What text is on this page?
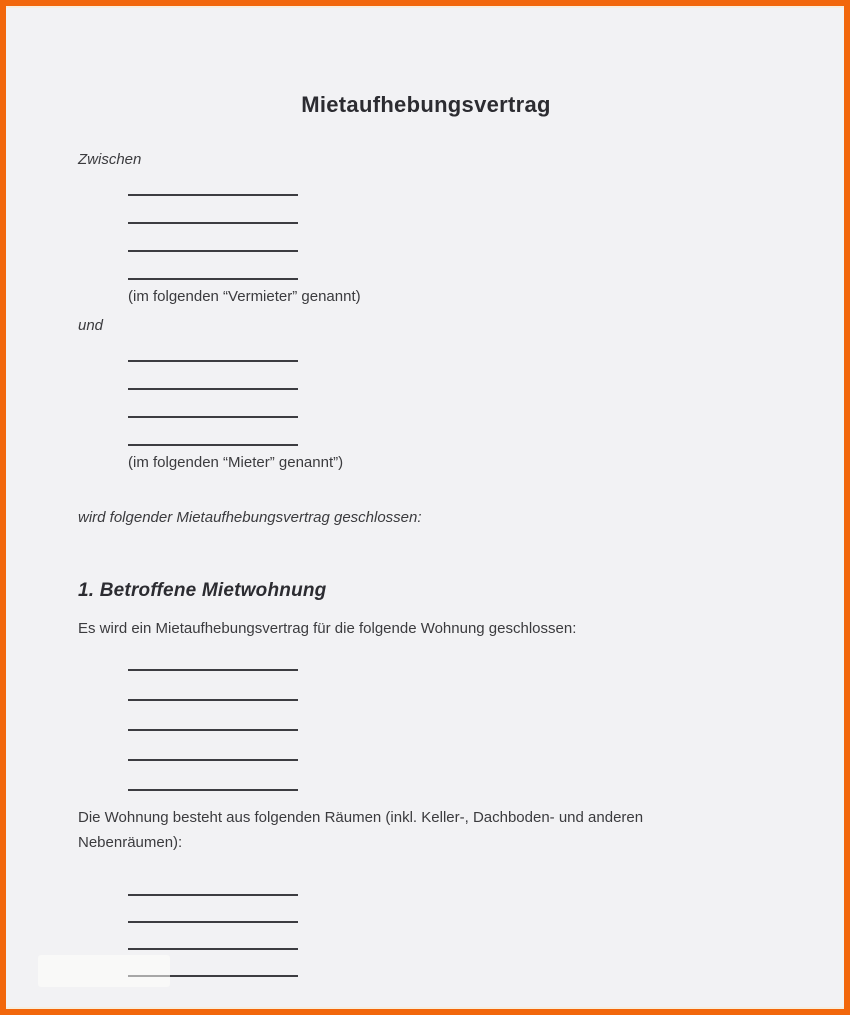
Mietaufhebungsvertrag

Zwischen

(im folgenden “Vermieter” genannt)

und

(im folgenden “Mieter” genannt”)

wird folgender Mietaufhebungsvertrag geschlossen:

1. Betroffene Mietwohnung

Es wird ein Mietaufhebungsvertrag für die folgende Wohnung geschlossen:

Die Wohnung besteht aus folgenden Räumen (inkl. Keller-, Dachboden- und anderen Nebenräumen):
